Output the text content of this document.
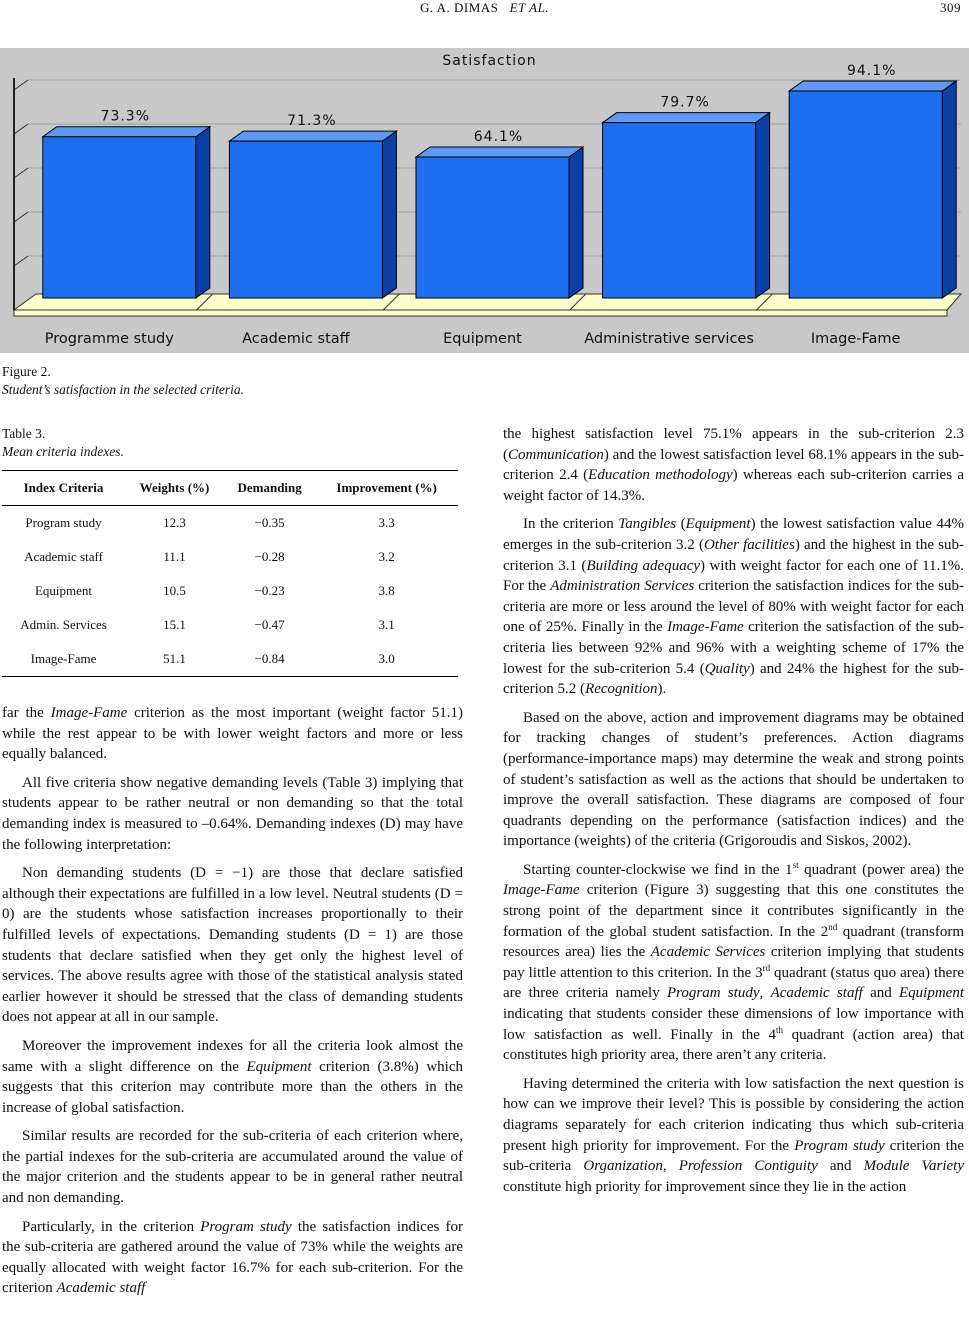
G. A. DIMAS ET AL.	309
73.3%
Programme study
71.3%
Academic staff
64.1%
Equipment
79.7%
Administrative services
94.1%
Image-Fame
Satisfaction
Figure 2.
Student’s satisfaction in the selected criteria.
Table 3.
Mean criteria indexes.
Index Criteria	Weights (%)	Demanding	Improvement (%)
Program study	12.3	−0.35	3.3
Academic staff	11.1	−0.28	3.2
Equipment	10.5	−0.23	3.8
Admin. Services	15.1	−0.47	3.1
Image-Fame	51.1	−0.84	3.0

far the Image-Fame criterion as the most important (weight factor 51.1) while the rest appear to be with lower weight factors and more or less equally balanced.

All five criteria show negative demanding levels (Table 3) implying that students appear to be rather neutral or non demanding so that the total demanding index is measured to –0.64%. Demanding indexes (D) may have the following interpretation:

Non demanding students (D = −1) are those that declare satisfied although their expectations are fulfilled in a low level. Neutral students (D = 0) are the students whose satisfaction increases proportionally to their fulfilled levels of expectations. Demanding students (D = 1) are those students that declare satisfied when they get only the highest level of services. The above results agree with those of the statistical analysis stated earlier however it should be stressed that the class of demanding students does not appear at all in our sample.

Moreover the improvement indexes for all the criteria look almost the same with a slight difference on the Equipment criterion (3.8%) which suggests that this criterion may contribute more than the others in the increase of global satisfaction.

Similar results are recorded for the sub-criteria of each criterion where, the partial indexes for the sub-criteria are accumulated around the value of the major criterion and the students appear to be in general rather neutral and non demanding.

Particularly, in the criterion Program study the satisfaction indices for the sub-criteria are gathered around the value of 73% while the weights are equally allocated with weight factor 16.7% for each sub-criterion. For the criterion Academic staff

the highest satisfaction level 75.1% appears in the sub-criterion 2.3 (Communication) and the lowest satisfaction level 68.1% appears in the sub-criterion 2.4 (Education methodology) whereas each sub-criterion carries a weight factor of 14.3%.

In the criterion Tangibles (Equipment) the lowest satisfaction value 44% emerges in the sub-criterion 3.2 (Other facilities) and the highest in the sub-criterion 3.1 (Building adequacy) with weight factor for each one of 11.1%. For the Administration Services criterion the satisfaction indices for the sub-criteria are more or less around the level of 80% with weight factor for each one of 25%. Finally in the Image-Fame criterion the satisfaction of the sub-criteria lies between 92% and 96% with a weighting scheme of 17% the lowest for the sub-criterion 5.4 (Quality) and 24% the highest for the sub-criterion 5.2 (Recognition).

Based on the above, action and improvement diagrams may be obtained for tracking changes of student’s preferences. Action diagrams (performance-importance maps) may determine the weak and strong points of student’s satisfaction as well as the actions that should be undertaken to improve the overall satisfaction. These diagrams are composed of four quadrants depending on the performance (satisfaction indices) and the importance (weights) of the criteria (Grigoroudis and Siskos, 2002).

Starting counter-clockwise we find in the 1st quadrant (power area) the Image-Fame criterion (Figure 3) suggesting that this one constitutes the strong point of the department since it contributes significantly in the formation of the global student satisfaction. In the 2nd quadrant (transform resources area) lies the Academic Services criterion implying that students pay little attention to this criterion. In the 3rd quadrant (status quo area) there are three criteria namely Program study, Academic staff and Equipment indicating that students consider these dimensions of low importance with low satisfaction as well. Finally in the 4th quadrant (action area) that constitutes high priority area, there aren’t any criteria.

Having determined the criteria with low satisfaction the next question is how can we improve their level? This is possible by considering the action diagrams separately for each criterion indicating thus which sub-criteria present high priority for improvement. For the Program study criterion the sub-criteria Organization, Profession Contiguity and Module Variety constitute high priority for improvement since they lie in the action
